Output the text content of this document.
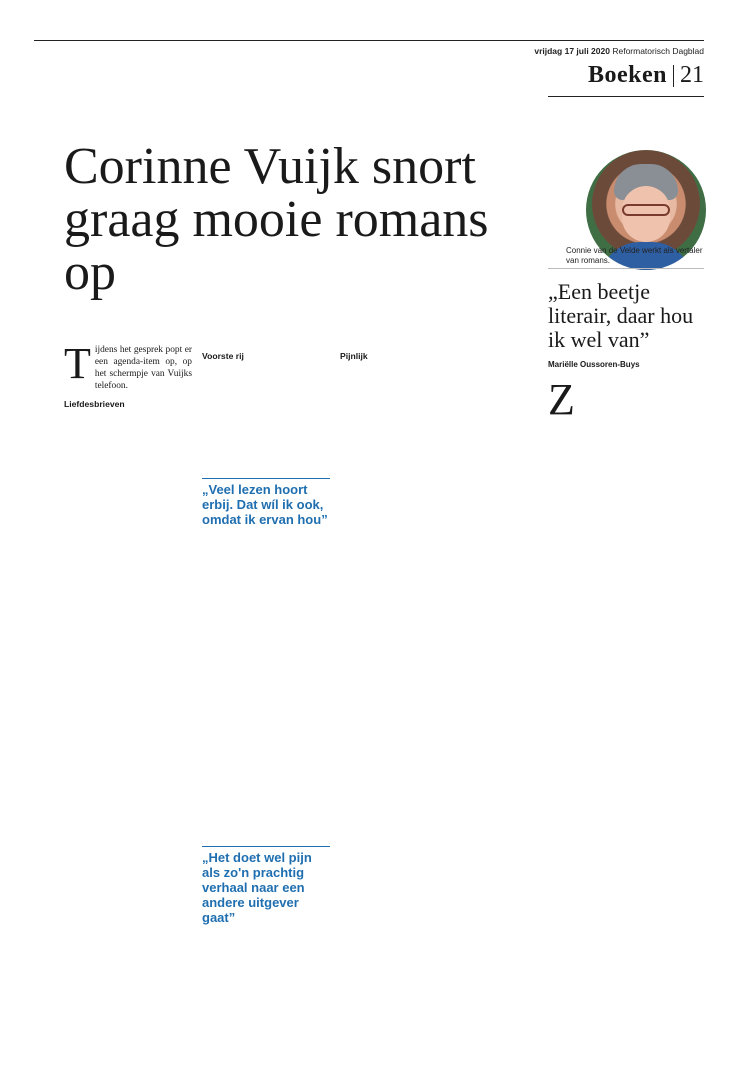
vrijdag 17 juli 2020 Reformatorisch Dagblad
Boeken 21
Corinne Vuijk snort graag mooie romans op	Connie van de Velde werkt als vertaler van romans.
„Een beetje literair, daar hou ik wel van”
Mariëlle Oussoren-Buys
T ijdens het gesprek popt er een agenda-item op, op het schermpje van Vuijks telefoon.

Liefdesbrieven

Voorste rij

„Veel lezen hoort erbij. Dat wíl ik ook, omdat ik ervan hou”
„Het doet wel pijn als zo'n prachtig verhaal naar een andere uitgever gaat”

Pijnlijk

Z
